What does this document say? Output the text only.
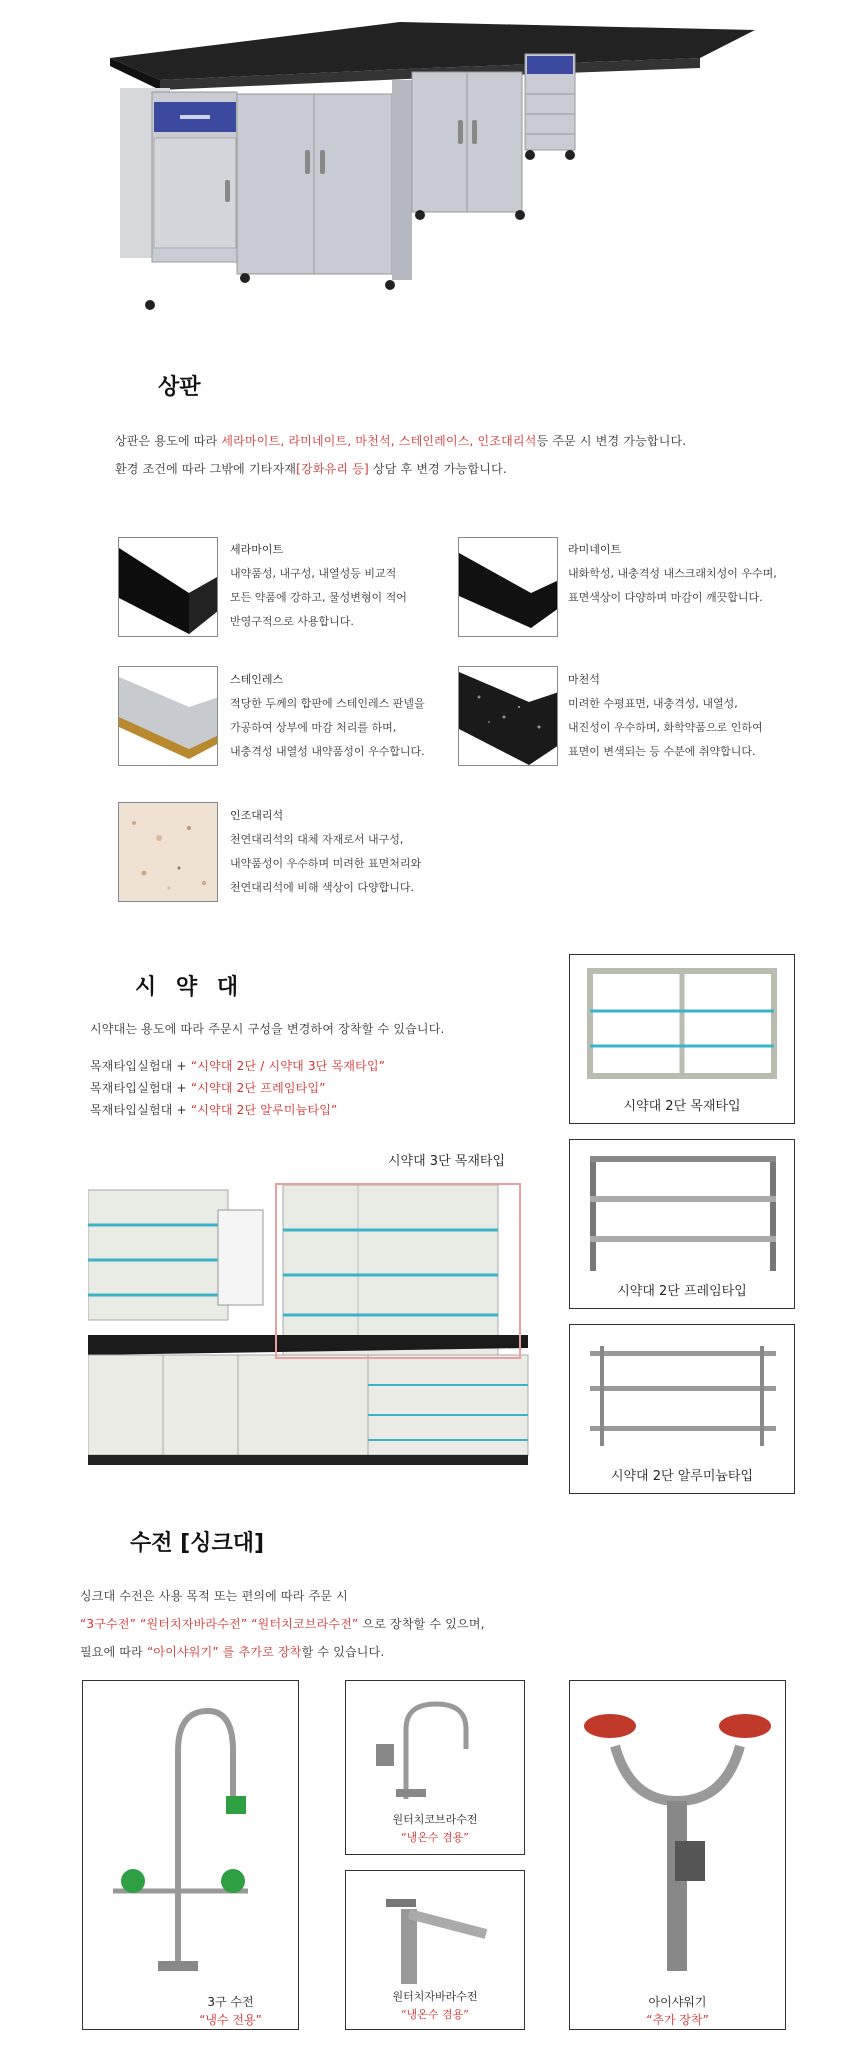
상판
상판은 용도에 따라 세라마이트, 라미네이트, 마천석, 스테인레이스, 인조대리석등 주문 시 변경 가능합니다.
환경 조건에 따라 그밖에 기타자재[강화유리 등] 상담 후 변경 가능합니다.
세라마이트
내약품성, 내구성, 내열성등 비교적
모든 약품에 강하고, 물성변형이 적어
반영구적으로 사용합니다.
라미네이트
내화학성, 내충격성 내스크래치성이 우수며,
표면색상이 다양하며 마감이 깨끗합니다.
스테인레스
적당한 두께의 합판에 스테인레스 판넬을
가공하여 상부에 마감 처리를 하며,
내충격성 내열성 내약품성이 우수합니다.
마천석
미려한 수평표면, 내충격성, 내열성,
내진성이 우수하며, 화학약품으로 인하여
표면이 변색되는 등 수분에 취약합니다.
인조대리석
천연대리석의 대체 자재로서 내구성,
내약품성이 우수하며 미려한 표면처리와
천연대리석에 비해 색상이 다양합니다.
시 약 대
시약대는 용도에 따라 주문시 구성을 변경하여 장착할 수 있습니다.
목재타입실험대 + “시약대 2단 / 시약대 3단 목재타입”
목재타입실험대 + “시약대 2단 프레임타입”
목재타입실험대 + “시약대 2단 알루미늄타입”
시약대 3단 목재타입
시약대 2단 목재타입
시약대 2단 프레임타입
시약대 2단 알루미늄타입
수전 [싱크대]
싱크대 수전은 사용 목적 또는 편의에 따라 주문 시
“3구수전” “원터치자바라수전” “원터치코브라수전” 으로 장착할 수 있으며,
필요에 따라 “아이샤워기” 를 추가로 장착할 수 있습니다.
3구 수전
“냉수 전용”
원터치코브라수전
“냉온수 겸용”
원터치자바라수전
“냉온수 겸용”
아이샤워기
“추가 장착”
